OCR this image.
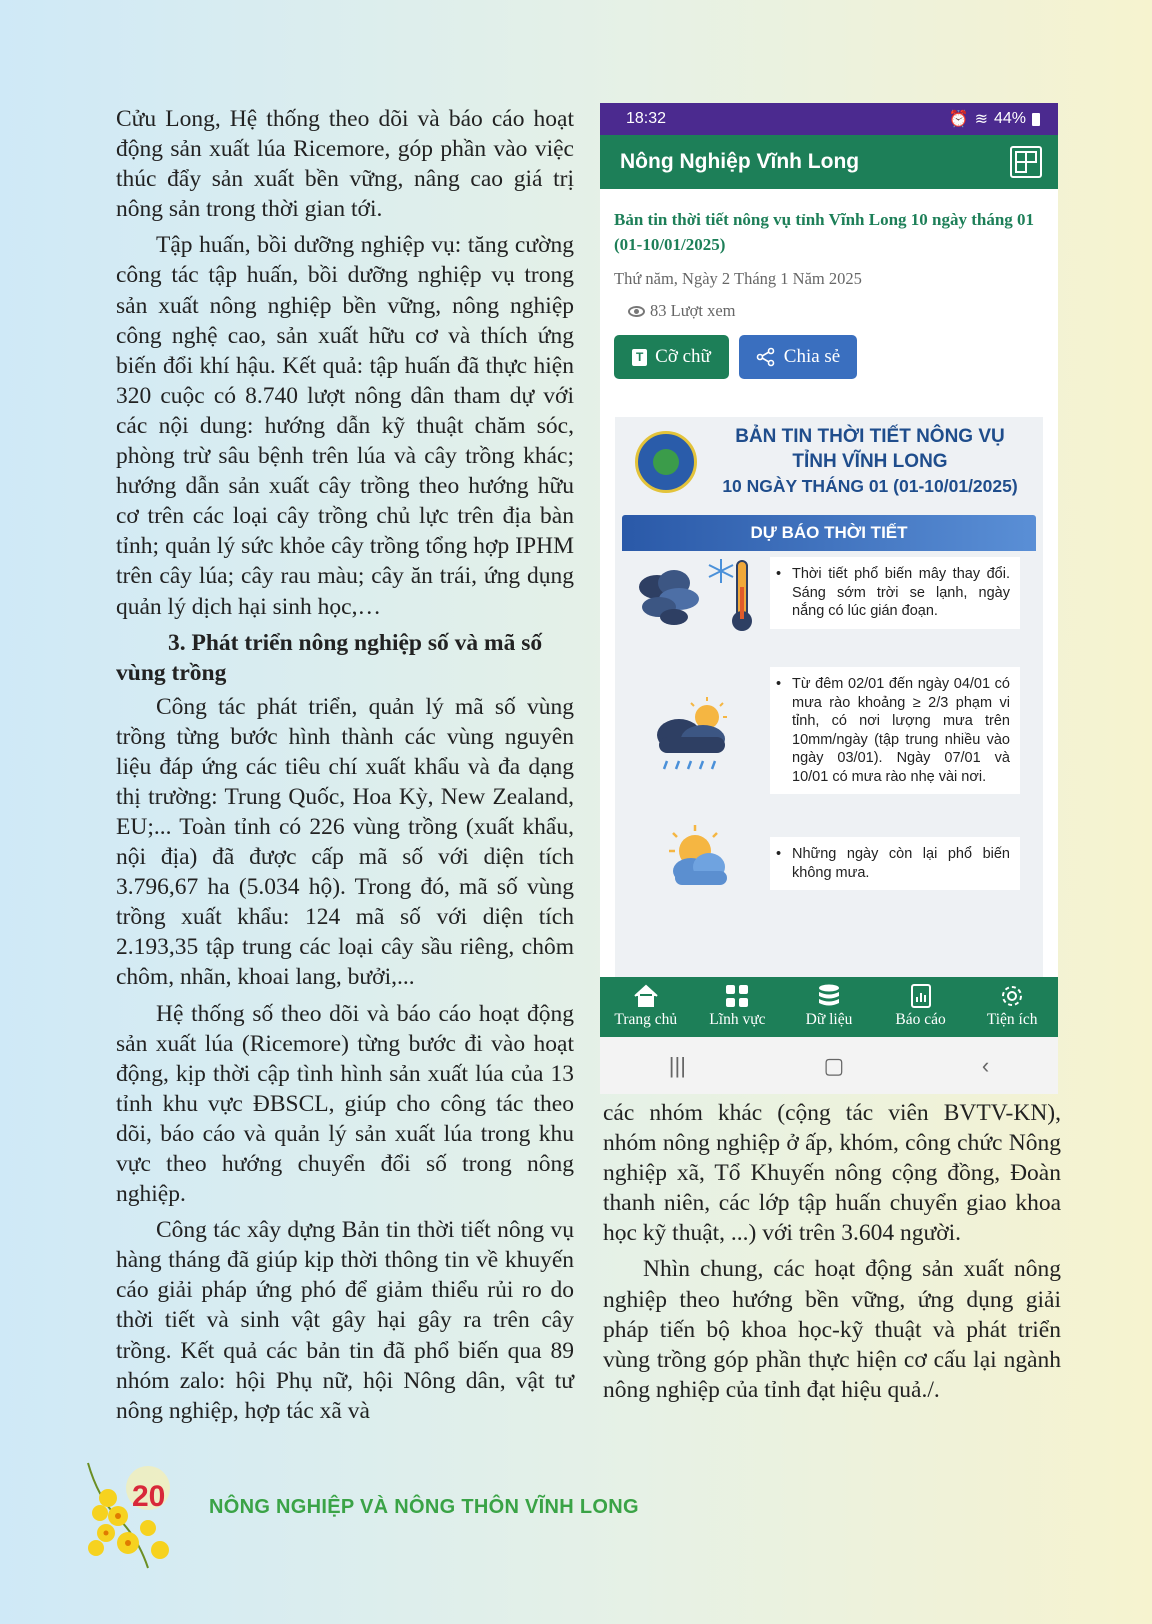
Cửu Long, Hệ thống theo dõi và báo cáo hoạt động sản xuất lúa Ricemore, góp phần vào việc thúc đẩy sản xuất bền vững, nâng cao giá trị nông sản trong thời gian tới.

Tập huấn, bồi dưỡng nghiệp vụ: tăng cường công tác tập huấn, bồi dưỡng nghiệp vụ trong sản xuất nông nghiệp bền vững, nông nghiệp công nghệ cao, sản xuất hữu cơ và thích ứng biến đổi khí hậu. Kết quả: tập huấn đã thực hiện 320 cuộc có 8.740 lượt nông dân tham dự với các nội dung: hướng dẫn kỹ thuật chăm sóc, phòng trừ sâu bệnh trên lúa và cây trồng khác; hướng dẫn sản xuất cây trồng theo hướng hữu cơ trên các loại cây trồng chủ lực trên địa bàn tỉnh; quản lý sức khỏe cây trồng tổng hợp IPHM trên cây lúa; cây rau màu; cây ăn trái, ứng dụng quản lý dịch hại sinh học,…

3. Phát triển nông nghiệp số và mã số vùng trồng

Công tác phát triển, quản lý mã số vùng trồng từng bước hình thành các vùng nguyên liệu đáp ứng các tiêu chí xuất khẩu và đa dạng thị trường: Trung Quốc, Hoa Kỳ, New Zealand, EU;... Toàn tỉnh có 226 vùng trồng (xuất khẩu, nội địa) đã được cấp mã số với diện tích 3.796,67 ha (5.034 hộ). Trong đó, mã số vùng trồng xuất khẩu: 124 mã số với diện tích 2.193,35 tập trung các loại cây sầu riêng, chôm chôm, nhãn, khoai lang, bưởi,...

Hệ thống số theo dõi và báo cáo hoạt động sản xuất lúa (Ricemore) từng bước đi vào hoạt động, kịp thời cập tình hình sản xuất lúa của 13 tỉnh khu vực ĐBSCL, giúp cho công tác theo dõi, báo cáo và quản lý sản xuất lúa trong khu vực theo hướng chuyển đổi số trong nông nghiệp.

Công tác xây dựng Bản tin thời tiết nông vụ hàng tháng đã giúp kịp thời thông tin về khuyến cáo giải pháp ứng phó để giảm thiểu rủi ro do thời tiết và sinh vật gây hại gây ra trên cây trồng. Kết quả các bản tin đã phổ biến qua 89 nhóm zalo: hội Phụ nữ, hội Nông dân, vật tư nông nghiệp, hợp tác xã và

18:32	⏰ ≋ 44%
Nông Nghiệp Vĩnh Long
Bản tin thời tiết nông vụ tỉnh Vĩnh Long 10 ngày tháng 01 (01-10/01/2025)
Thứ năm, Ngày 2 Tháng 1 Năm 2025
83 Lượt xem
T Cỡ chữ	Chia sẻ
BẢN TIN THỜI TIẾT NÔNG VỤ
TỈNH VĨNH LONG
10 NGÀY THÁNG 01 (01-10/01/2025)
DỰ BÁO THỜI TIẾT
• Thời tiết phổ biến mây thay đổi. Sáng sớm trời se lạnh, ngày nắng có lúc gián đoạn.
• Từ đêm 02/01 đến ngày 04/01 có mưa rào khoảng ≥ 2/3 phạm vi tỉnh, có nơi lượng mưa trên 10mm/ngày (tập trung nhiều vào ngày 03/01). Ngày 07/01 và 10/01 có mưa rào nhẹ vài nơi.
• Những ngày còn lại phổ biến không mưa.
Trang chủ	Lĩnh vực	Dữ liệu	Báo cáo	Tiện ích
|||	▢	‹

các nhóm khác (cộng tác viên BVTV-KN), nhóm nông nghiệp ở ấp, khóm, công chức Nông nghiệp xã, Tổ Khuyến nông cộng đồng, Đoàn thanh niên, các lớp tập huấn chuyển giao khoa học kỹ thuật, ...) với trên 3.604 người.

Nhìn chung, các hoạt động sản xuất nông nghiệp theo hướng bền vững, ứng dụng giải pháp tiến bộ khoa học-kỹ thuật và phát triển vùng trồng góp phần thực hiện cơ cấu lại ngành nông nghiệp của tỉnh đạt hiệu quả./.

20 NÔNG NGHIỆP VÀ NÔNG THÔN VĨNH LONG
